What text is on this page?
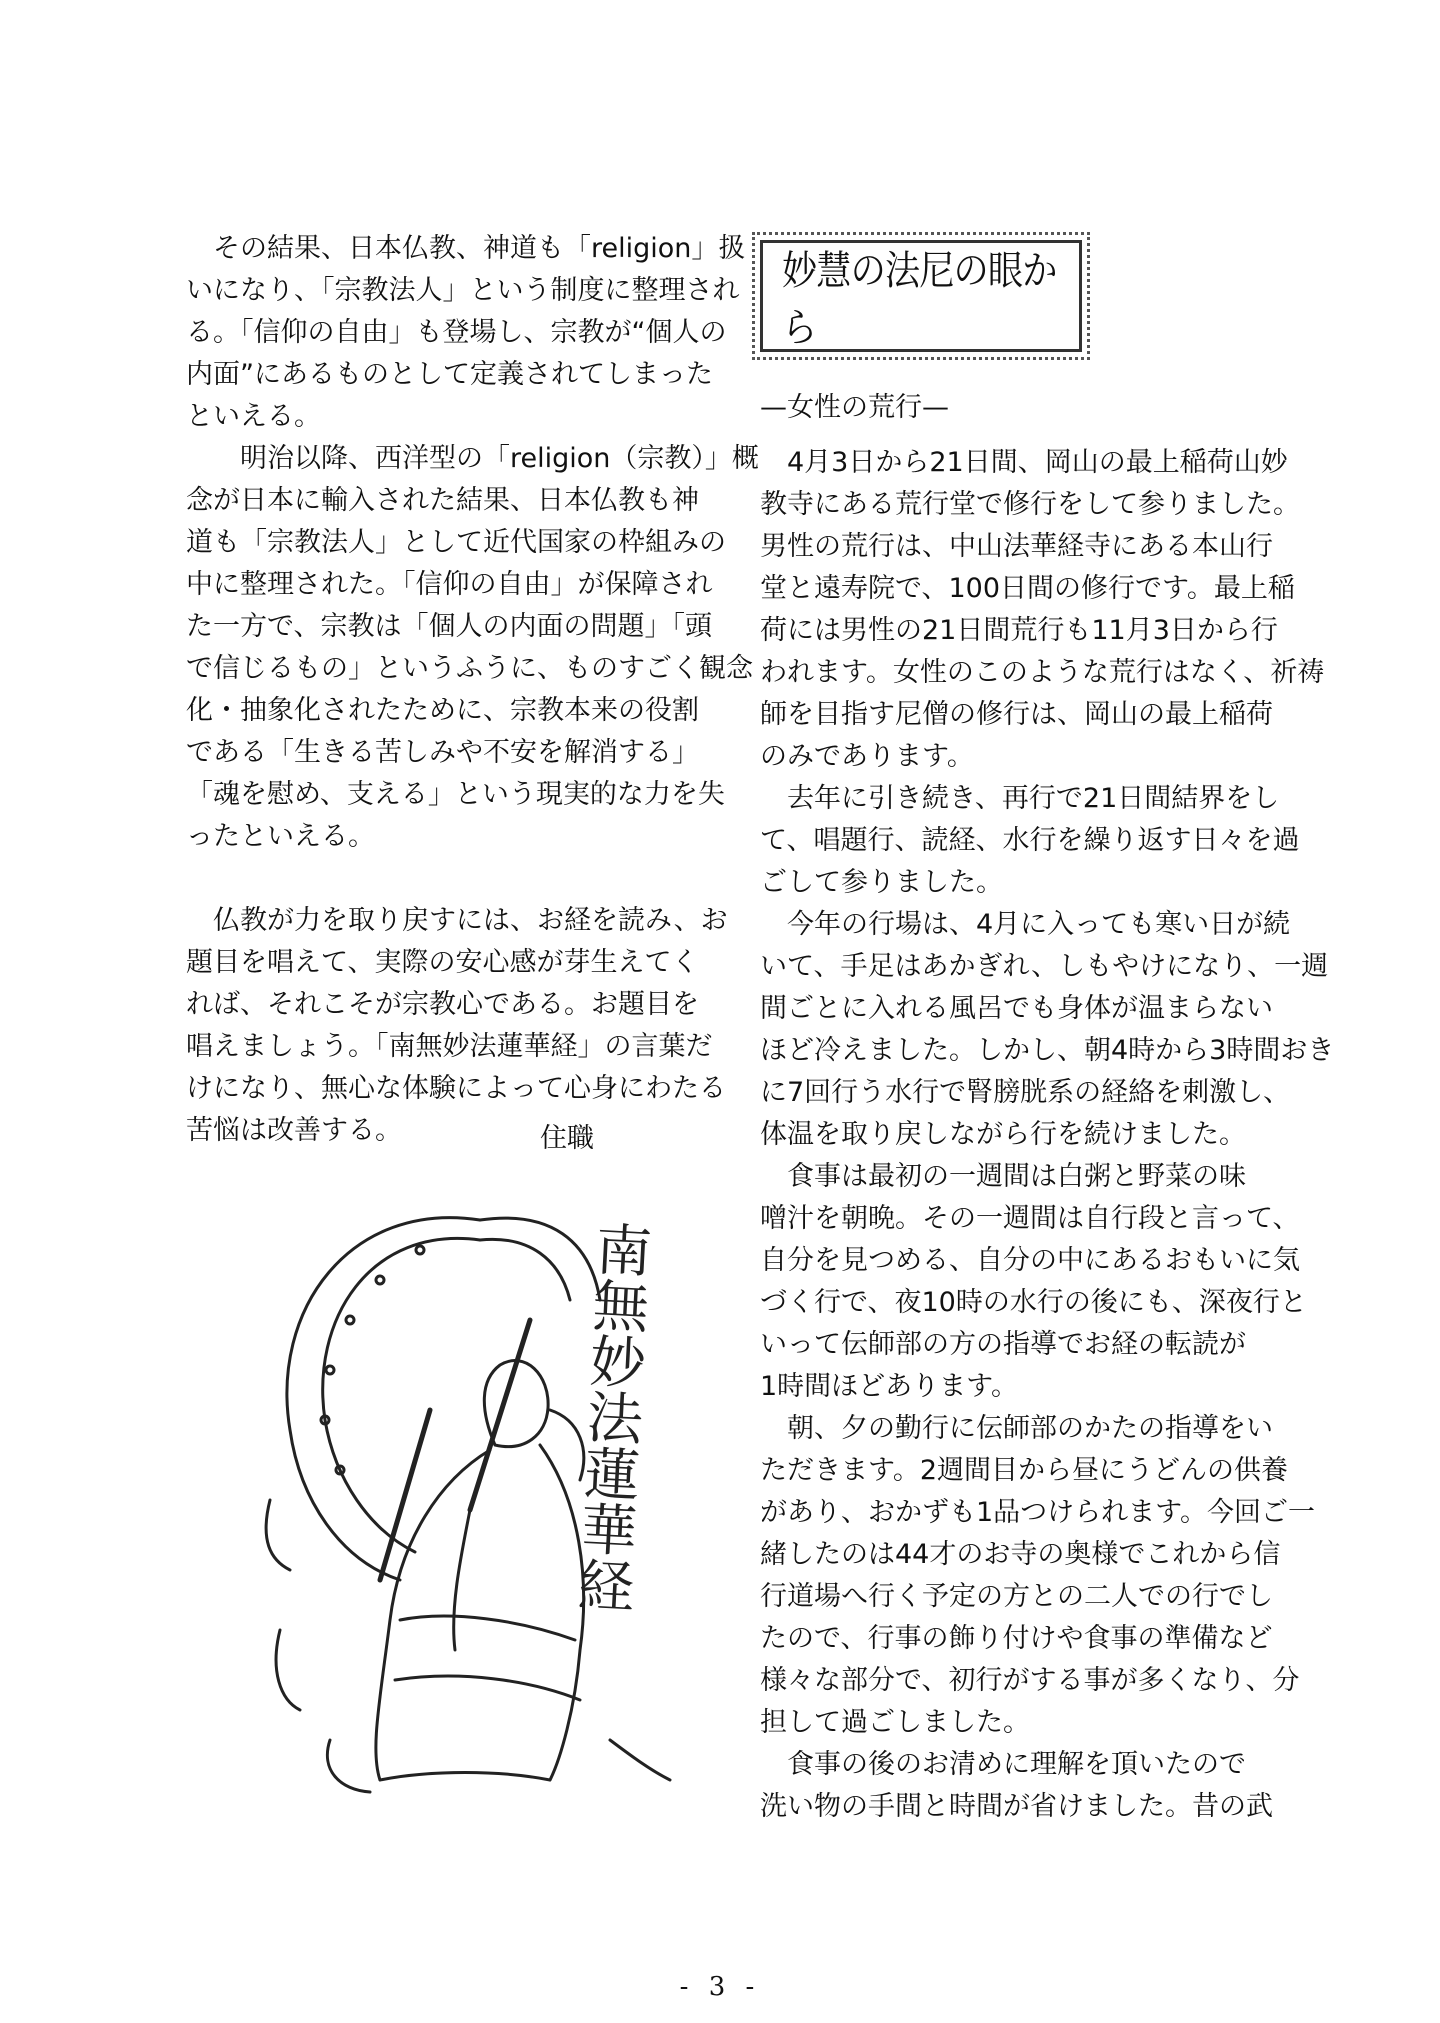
　その結果、日本仏教、神道も「religion」扱

いになり、「宗教法人」という制度に整理され

る。「信仰の自由」も登場し、宗教が“個人の

内面”にあるものとして定義されてしまった

といえる。

　　明治以降、西洋型の「religion（宗教）」概

念が日本に輸入された結果、日本仏教も神

道も「宗教法人」として近代国家の枠組みの

中に整理された。「信仰の自由」が保障され

た一方で、宗教は「個人の内面の問題」「頭

で信じるもの」というふうに、ものすごく観念

化・抽象化されたために、宗教本来の役割

である「生きる苦しみや不安を解消する」

「魂を慰め、支える」という現実的な力を失

ったといえる。

　仏教が力を取り戻すには、お経を読み、お

題目を唱えて、実際の安心感が芽生えてく

れば、それこそが宗教心である。お題目を

唱えましょう。「南無妙法蓮華経」の言葉だ

けになり、無心な体験によって心身にわたる

苦悩は改善する。	住職
南無妙法蓮華経
妙慧の法尼の眼から
—女性の荒行—

　4月3日から21日間、岡山の最上稲荷山妙

教寺にある荒行堂で修行をして参りました。

男性の荒行は、中山法華経寺にある本山行

堂と遠寿院で、100日間の修行です。最上稲

荷には男性の21日間荒行も11月3日から行

われます。女性のこのような荒行はなく、祈祷

師を目指す尼僧の修行は、岡山の最上稲荷

のみであります。

　去年に引き続き、再行で21日間結界をし

て、唱題行、読経、水行を繰り返す日々を過

ごして参りました。

　今年の行場は、4月に入っても寒い日が続

いて、手足はあかぎれ、しもやけになり、一週

間ごとに入れる風呂でも身体が温まらない

ほど冷えました。しかし、朝4時から3時間おき

に7回行う水行で腎膀胱系の経絡を刺激し、

体温を取り戻しながら行を続けました。

　食事は最初の一週間は白粥と野菜の味

噌汁を朝晩。その一週間は自行段と言って、

自分を見つめる、自分の中にあるおもいに気

づく行で、夜10時の水行の後にも、深夜行と

いって伝師部の方の指導でお経の転読が

1時間ほどあります。

　朝、夕の勤行に伝師部のかたの指導をい

ただきます。2週間目から昼にうどんの供養

があり、おかずも1品つけられます。今回ご一

緒したのは44才のお寺の奥様でこれから信

行道場へ行く予定の方との二人での行でし

たので、行事の飾り付けや食事の準備など

様々な部分で、初行がする事が多くなり、分

担して過ごしました。

　食事の後のお清めに理解を頂いたので

洗い物の手間と時間が省けました。昔の武

- 3 -
